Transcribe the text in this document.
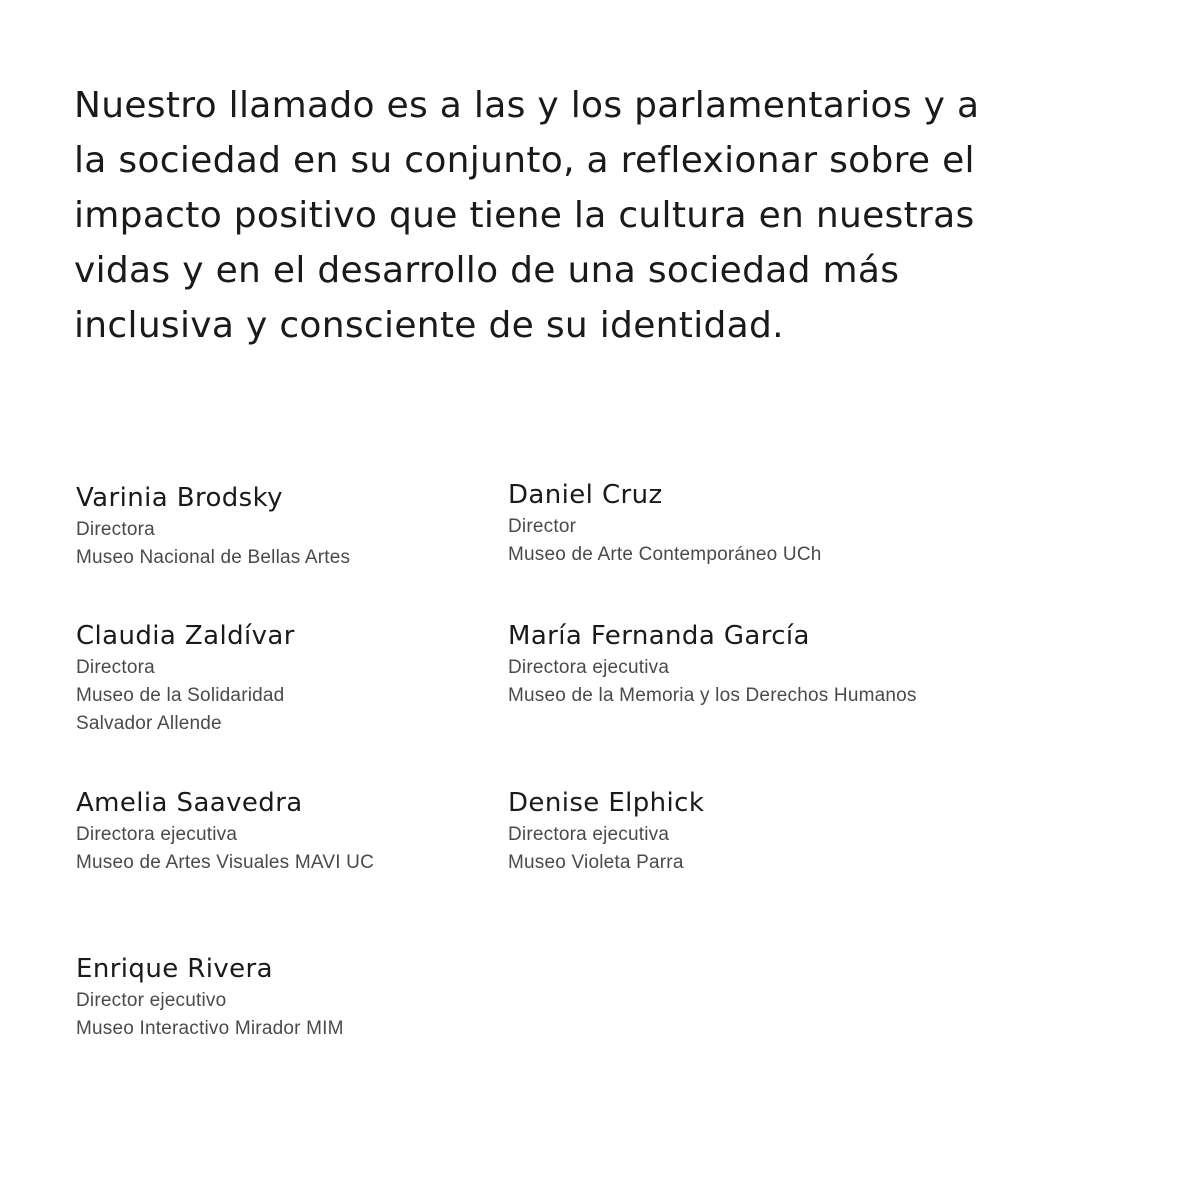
Nuestro llamado es a las y los parlamentarios y a
la sociedad en su conjunto, a reflexionar sobre el
impacto positivo que tiene la cultura en nuestras
vidas y en el desarrollo de una sociedad más
inclusiva y consciente de su identidad.

Varinia Brodsky
Directora
Museo Nacional de Bellas Artes
Daniel Cruz
Director
Museo de Arte Contemporáneo UCh
Claudia Zaldívar
Directora
Museo de la Solidaridad
Salvador Allende
María Fernanda García
Directora ejecutiva
Museo de la Memoria y los Derechos Humanos
Amelia Saavedra
Directora ejecutiva
Museo de Artes Visuales MAVI UC
Denise Elphick
Directora ejecutiva
Museo Violeta Parra
Enrique Rivera
Director ejecutivo
Museo Interactivo Mirador MIM
